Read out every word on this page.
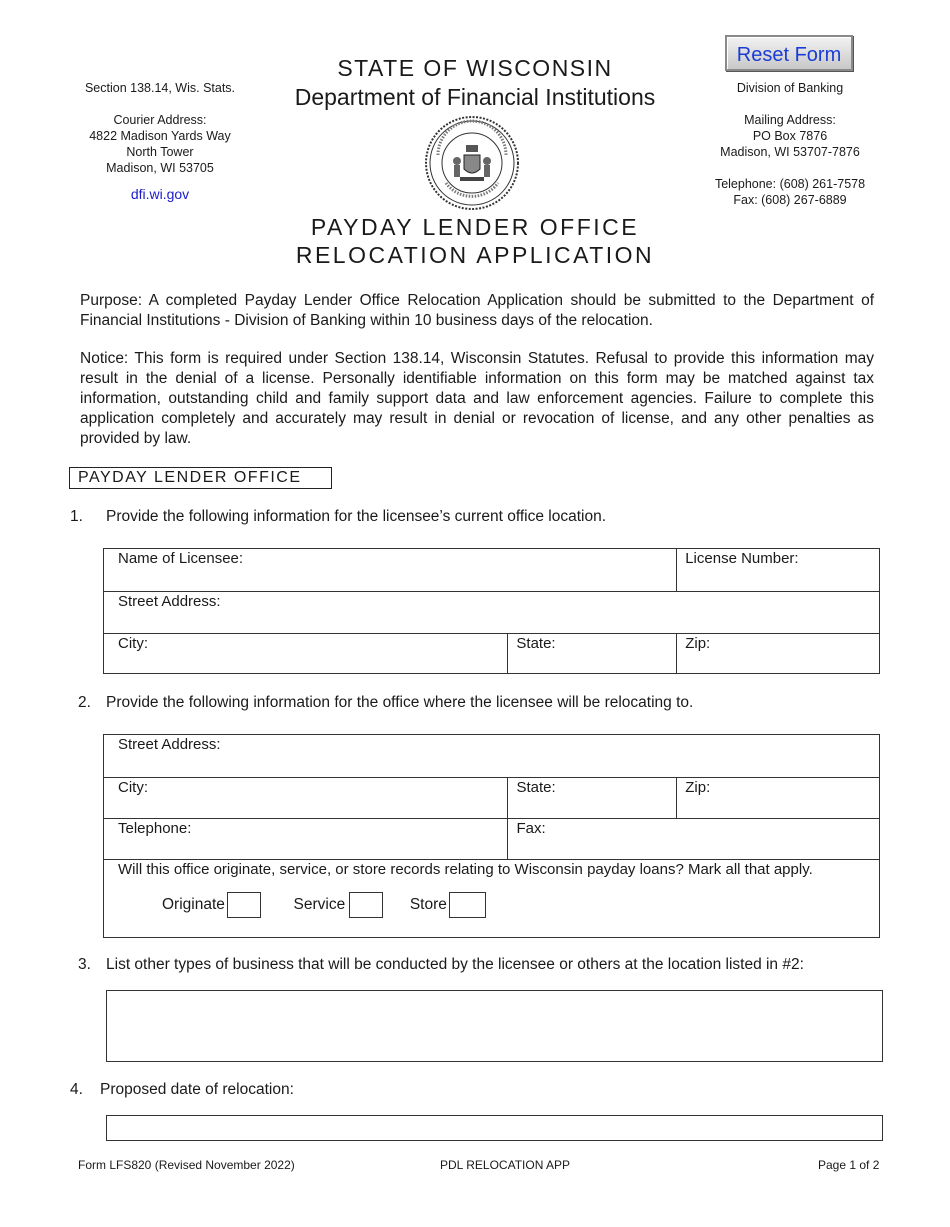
Section 138.14, Wis. Stats.
Courier Address:
4822 Madison Yards Way
North Tower
Madison, WI 53705
dfi.wi.gov
Reset Form
Division of Banking
Mailing Address:
PO Box 7876
Madison, WI 53707-7876
Telephone: (608) 261-7578
Fax: (608) 267-6889
STATE OF WISCONSIN
Department of Financial Institutions
PAYDAY LENDER OFFICE
RELOCATION APPLICATION
Purpose: A completed Payday Lender Office Relocation Application should be submitted to the Department of Financial Institutions - Division of Banking within 10 business days of the relocation.
Notice: This form is required under Section 138.14, Wisconsin Statutes. Refusal to provide this information may result in the denial of a license. Personally identifiable information on this form may be matched against tax information, outstanding child and family support data and law enforcement agencies. Failure to complete this application completely and accurately may result in denial or revocation of license, and any other penalties as provided by law.
PAYDAY LENDER OFFICE
1. Provide the following information for the licensee’s current office location.
Name of Licensee:		License Number:
Street Address:		
City:	State:	Zip:
2. Provide the following information for the office where the licensee will be relocating to.
Street Address:		
City:	State:	Zip:
Telephone:	Fax:	

Will this office originate, service, or store records relating to Wisconsin payday loans? Mark all that apply.
Originate Service Store		
3. List other types of business that will be conducted by the licensee or others at the location listed in #2:
4. Proposed date of relocation:
Form LFS820 (Revised November 2022)	PDL RELOCATION APP	Page 1 of 2
